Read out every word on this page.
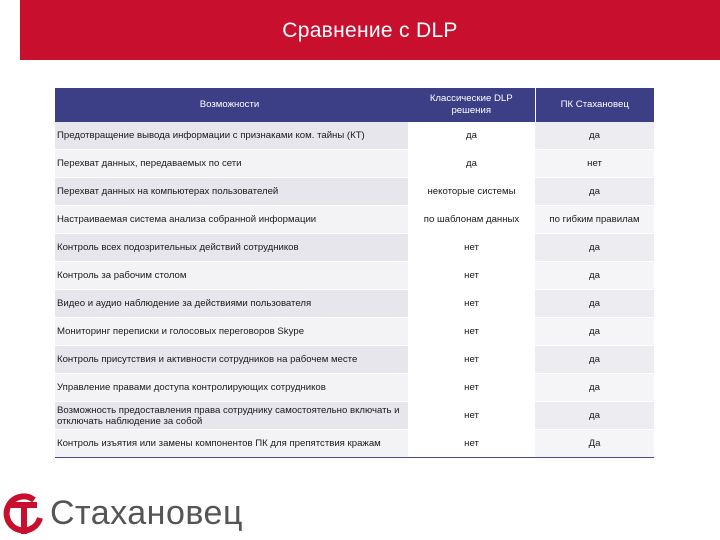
Сравнение с DLP
Возможности	Классические DLP решения	ПК Стахановец
Предотвращение вывода информации с признаками ком. тайны (КТ)	да	да
Перехват данных, передаваемых по сети	да	нет
Перехват данных на компьютерах пользователей	некоторые системы	да
Настраиваемая система анализа собранной информации	по шаблонам данных	по гибким правилам
Контроль всех подозрительных действий сотрудников	нет	да
Контроль за рабочим столом	нет	да
Видео и аудио наблюдение за действиями пользователя	нет	да
Мониторинг переписки и голосовых переговоров Skype	нет	да
Контроль присутствия и активности сотрудников на рабочем месте	нет	да
Управление правами доступа контролирующих сотрудников	нет	да
Возможность предоставления права сотруднику самостоятельно включать и отключать наблюдение за собой	нет	да
Контроль изъятия или замены компонентов ПК для препятствия кражам	нет	Да
Стахановец
